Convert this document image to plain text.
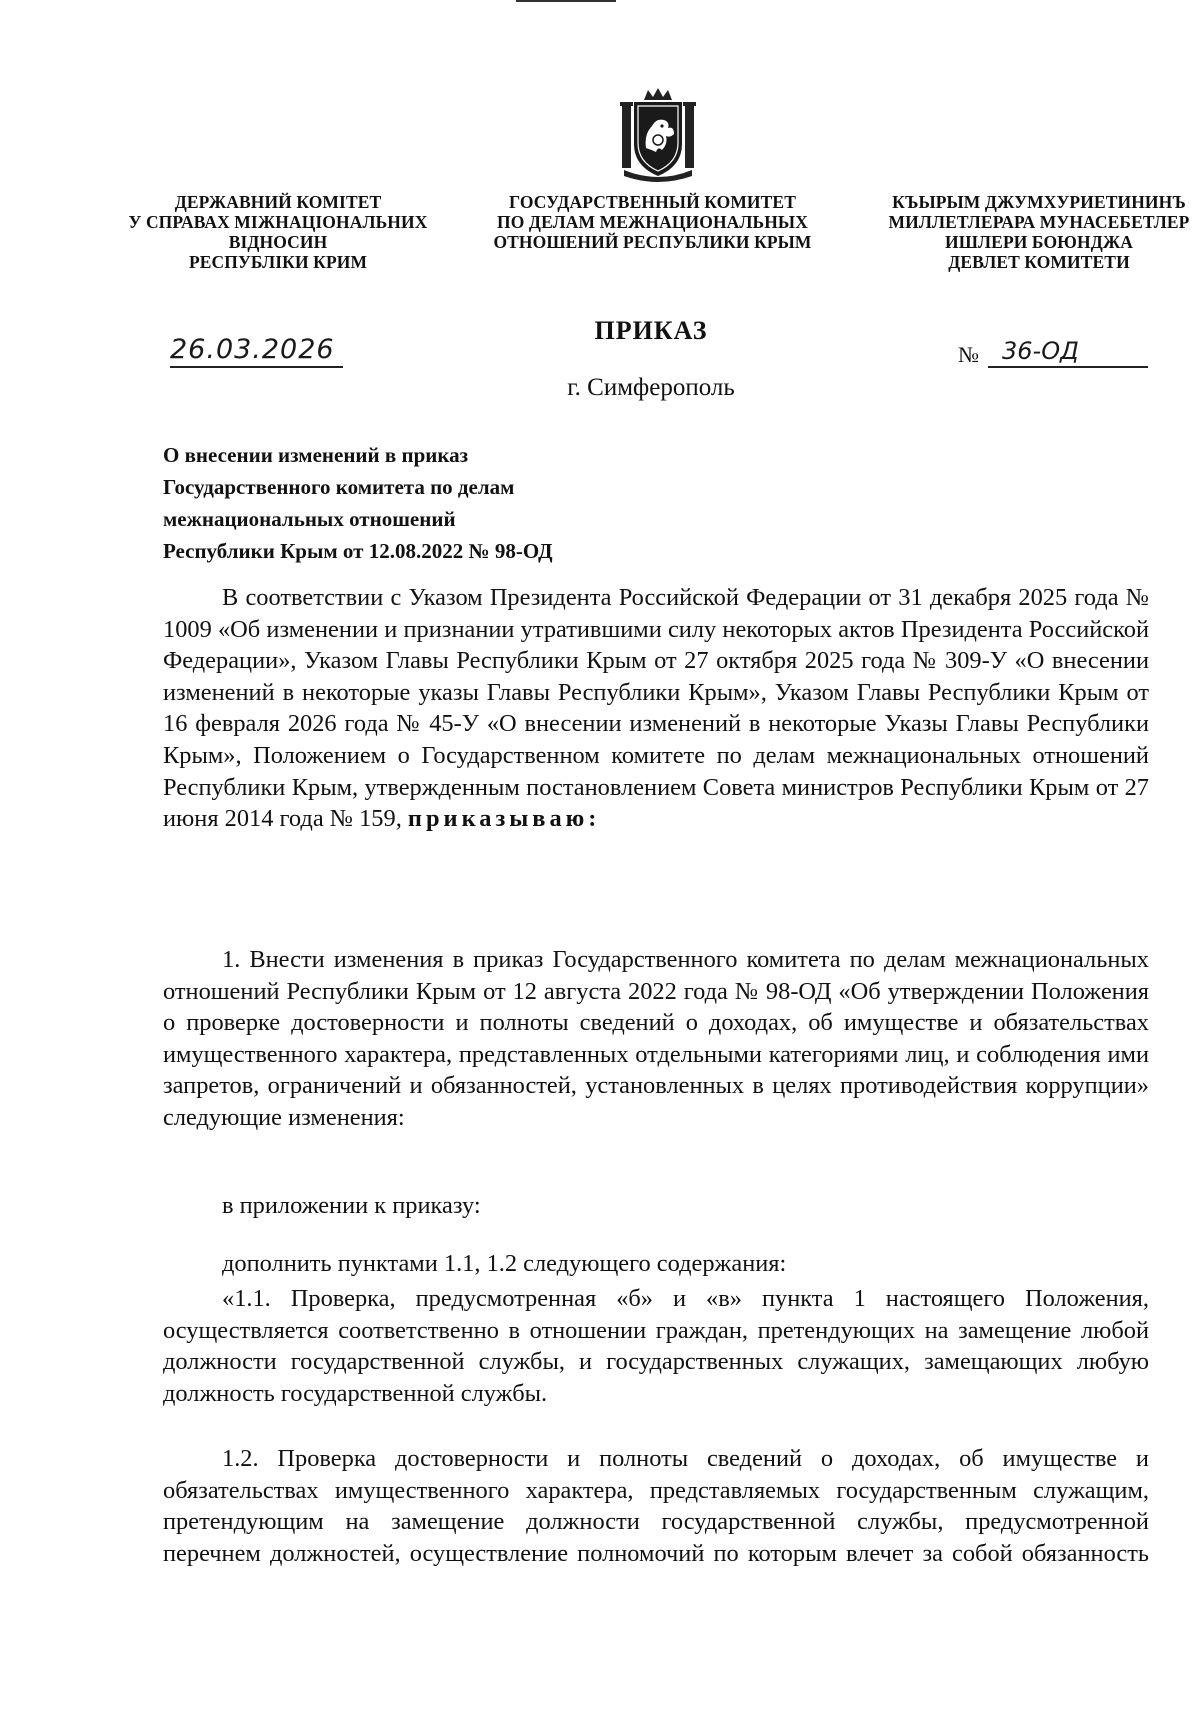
ДЕРЖАВНИЙ КОМІТЕТ
У СПРАВАХ МІЖНАЦІОНАЛЬНИХ
ВІДНОСИН
РЕСПУБЛІКИ КРИМ
ГОСУДАРСТВЕННЫЙ КОМИТЕТ
ПО ДЕЛАМ МЕЖНАЦИОНАЛЬНЫХ
ОТНОШЕНИЙ РЕСПУБЛИКИ КРЫМ
КЪЫРЫМ ДЖУМХУРИЕТИНИНЪ
МИЛЛЕТЛЕРАРА МУНАСЕБЕТЛЕР
ИШЛЕРИ БОЮНДЖА
ДЕВЛЕТ КОМИТЕТИ
ПРИКАЗ
г. Симферополь
26.03.2026	№ 36-ОД
О внесении изменений в приказ
Государственного комитета по делам
межнациональных отношений
Республики Крым от 12.08.2022 № 98-ОД

В соответствии с Указом Президента Российской Федерации от 31 декабря 2025 года № 1009 «Об изменении и признании утратившими силу некоторых актов Президента Российской Федерации», Указом Главы Республики Крым от 27 октября 2025 года № 309-У «О внесении изменений в некоторые указы Главы Республики Крым», Указом Главы Республики Крым от 16 февраля 2026 года № 45-У «О внесении изменений в некоторые Указы Главы Республики Крым», Положением о Государственном комитете по делам межнациональных отношений Республики Крым, утвержденным постановлением Совета министров Республики Крым от 27 июня 2014 года № 159, приказываю:

1. Внести изменения в приказ Государственного комитета по делам межнациональных отношений Республики Крым от 12 августа 2022 года № 98-ОД «Об утверждении Положения о проверке достоверности и полноты сведений о доходах, об имуществе и обязательствах имущественного характера, представленных отдельными категориями лиц, и соблюдения ими запретов, ограничений и обязанностей, установленных в целях противодействия коррупции» следующие изменения:

в приложении к приказу:

дополнить пунктами 1.1, 1.2 следующего содержания:

«1.1. Проверка, предусмотренная «б» и «в» пункта 1 настоящего Положения, осуществляется соответственно в отношении граждан, претендующих на замещение любой должности государственной службы, и государственных служащих, замещающих любую должность государственной службы.

1.2. Проверка достоверности и полноты сведений о доходах, об имуществе и обязательствах имущественного характера, представляемых государственным служащим, претендующим на замещение должности государственной службы, предусмотренной перечнем должностей, осуществление полномочий по которым влечет за собой обязанность
